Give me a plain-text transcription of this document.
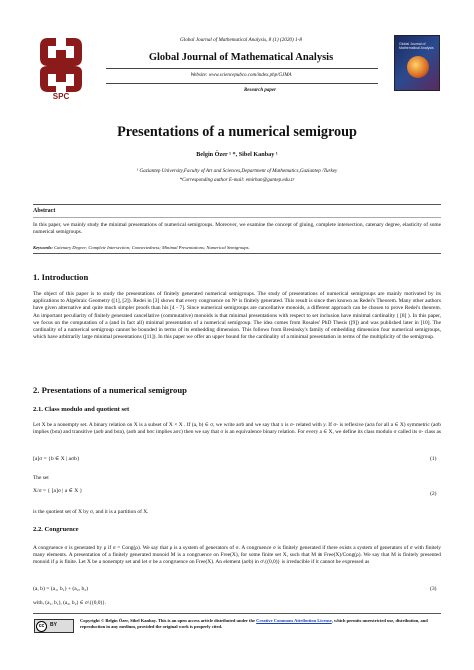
SPC
Global Journal of Mathematical Analysis, 8 (1) (2020) 1-8
Global Journal of Mathematical Analysis
Website: www.sciencepubco.com/index.php/GJMA
Research paper
Global Journal of Mathematical Analysis
Presentations of a numerical semigroup
Belgin Özer ¹ *, Sibel Kanbay ¹
¹ Gaziantep University,Faculty of Art and Sciences,Department of Mathematics,Gaziantep /Turkey
*Corresponding author E-mail: emirhan@gantep.edu.tr
Abstract
In this paper, we mainly study the minimal presentations of numerical semigroups. Moreover, we examine the concept of gluing, complete intersection, catenary degree, elasticity of some numerical semigroups.
Keywords: Catenary Degree; Complete Intersection; Connectedness; Minimal Presentations; Numerical Semigroups.
1. Introduction
The object of this paper is to study the presentations of finitely generated numerical semigroups. The study of presentations of numerical semigroups are mainly motivated by its applications to Algebraic Geometry ([1], [2]). Redei in [3] shows that every congruence on Nⁿ is finitely generated. This result is since then known as Redei's Theorem. Many other authors have given alternative and quite much simpler proofs than his [4 - 7]. Since numerical semigroups are cancellative monoids, a different approach can be chosen to prove Redei's theorem. An important peculiarity of finitely generated cancellative (commutative) monoids is that minimal presentations with respect to set inclusion have minimal cardinality ( [8] ). In this paper, we focus on the computation of a (and in fact all) minimal presentation of a numerical semigroup. The idea comes from Rosales' PhD Thesis ([9]) and was published later in [10]. The cardinality of a numerical semigroup cannot be bounded in terms of its embedding dimension. This follows from Bresinsky's family of embedding dimension four numerical semigroups, which have arbitrarily large minimal presentations ([11]). In this paper we offer an upper bound for the cardinality of a minimal presentation in terms of the multiplicity of the semigroup.
2. Presentations of a numerical semigroup
2.1. Class modulo and quotient set
Let X be a nonempty set. A binary relation on X is a subset of X × X . If (a, b) ∈ σ, we write aσb and we say that x is σ- related with y. If σ- is reflexive (aσa for all a ∈ X) symmetric (aσb implies (bσa) and transitive (aσb and bσa), (aσb and bσc implies aσc) then we say that σ is an equivalence binary relation. For every a ∈ X, we define its class modulo σ called its σ- class as
[a]σ = {b ∈ X | aσb}	(1)
The set
X/σ = { [a]σ | a ∈ X }	(2)
is the quotient set of X by σ, and it is a partition of X.
2.2. Congruence
A congruence σ is generated by ρ if σ = Cong(ρ). We say that ρ is a system of generators of σ. A congruence σ is finitely generated if there exists a system of generators of σ with finitely many elements. A presentation of a finitely generated monoid M is a congruence on Free(X), for some finite set X, such that M ≅ Free(X)/Cong(ρ). We say that M is finitely presented monoid if ρ is finite. Let X be a nonempty set and let σ be a congruence on Free(X). An element (aσb) in σ\{(0,0)} is irreducible if it cannot be expressed as
(a, b) = (a₁, b₁) + (a₂, b₂)	(3)
with, (a₁, b₁), (a₂, b₂) ∈ σ\{(0,0)}.
cc	BY
Copyright © Belgin Özer, Sibel Kanbay. This is an open access article distributed under the Creative Commons Attribution License, which permits unrestricted use, distribution, and reproduction in any medium, provided the original work is properly cited.
